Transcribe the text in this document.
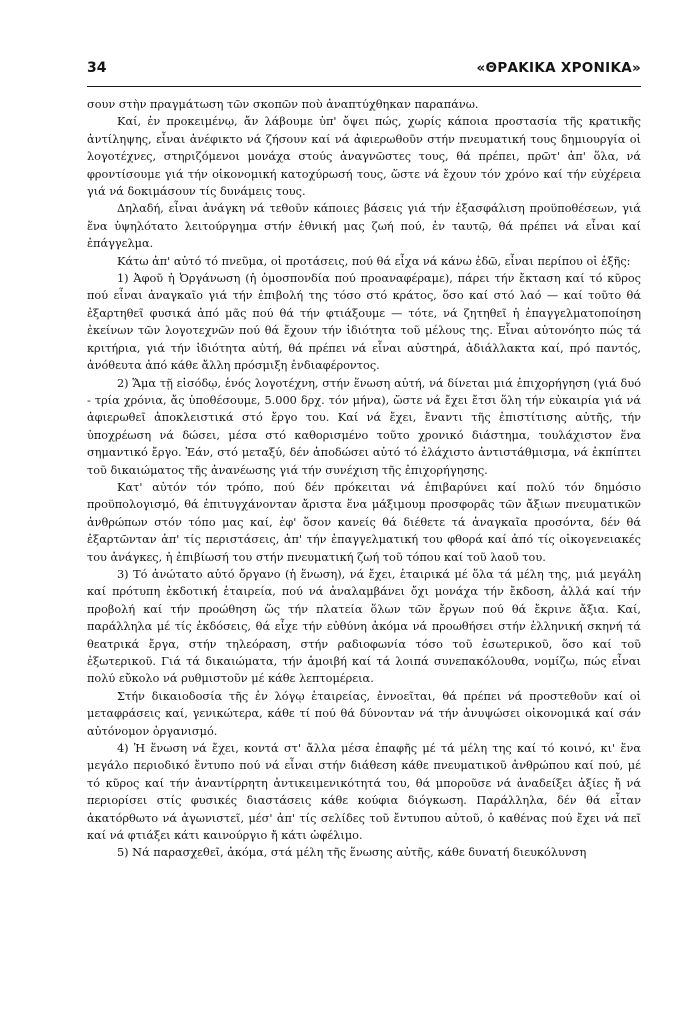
34	«ΘΡΑΚΙΚΑ ΧΡΟΝΙΚΑ»

σουν στὴν πραγμάτωση τῶν σκοπῶν ποὺ ἀναπτύχθηκαν παραπάνω.

Καί, ἐν προκειμένῳ, ἄν λάβουμε ὑπ' ὄψει πώς, χωρίς κάποια προστασία τῆς κρατικῆς ἀντίληψης, εἶναι ἀνέφικτο νά ζήσουν καί νά ἀφιερωθοῦν στήν πνευματική τους δημιουργία οἱ λογοτέχνες, στηριζόμενοι μονάχα στούς ἀναγνῶστες τους, θά πρέπει, πρῶτ' ἀπ' ὅλα, νά φροντίσουμε γιά τήν οἰκονομική κατοχύρωσή τους, ὥστε νά ἔχουν τόν χρόνο καί τήν εὐχέρεια γιά νά δοκιμάσουν τίς δυνάμεις τους.

Δηλαδή, εἶναι ἀνάγκη νά τεθοῦν κάποιες βάσεις γιά τήν ἐξασφάλιση προϋποθέσεων, γιά ἕνα ὑψηλότατο λειτούργημα στήν ἐθνική μας ζωή πού, ἐν ταυτῷ, θά πρέπει νά εἶναι καί ἐπάγγελμα.

Κάτω ἀπ' αὐτό τό πνεῦμα, οἱ προτάσεις, πού θά εἶχα νά κάνω ἐδῶ, εἶναι περίπου οἱ ἑξῆς:

1) Ἀφοῦ ἡ Ὀργάνωση (ἡ ὁμοσπονδία πού προαναφέραμε), πάρει τήν ἔκταση καί τό κῦρος πού εἶναι ἀναγκαῖο γιά τήν ἐπιβολή της τόσο στό κράτος, ὅσο καί στό λαό — καί τοῦτο θά ἐξαρτηθεῖ φυσικά ἀπό μᾶς πού θά τήν φτιάξουμε — τότε, νά ζητηθεῖ ἡ ἐπαγγελματοποίηση ἐκείνων τῶν λογοτεχνῶν πού θά ἔχουν τήν ἰδιότητα τοῦ μέλους της. Εἶναι αὐτονόητο πώς τά κριτήρια, γιά τήν ἰδιότητα αὐτή, θά πρέπει νά εἶναι αὐστηρά, ἀδιάλλακτα καί, πρό παντός, ἀνόθευτα ἀπό κάθε ἄλλη πρόσμιξη ἐνδιαφέροντος.

2) Ἅμα τῇ εἰσόδῳ, ἑνός λογοτέχνη, στήν ἕνωση αὐτή, νά δίνεται μιά ἐπιχορήγηση (γιά δυό - τρία χρόνια, ἄς ὑποθέσουμε, 5.000 δρχ. τόν μήνα), ὥστε νά ἔχει ἔτσι ὅλη τήν εὐκαιρία γιά νά ἀφιερωθεῖ ἀποκλειστικά στό ἔργο του. Καί νά ἔχει, ἔναντι τῆς ἐπιστίτισης αὐτῆς, τήν ὑποχρέωση νά δώσει, μέσα στό καθορισμένο τοῦτο χρονικό διάστημα, τουλάχιστον ἕνα σημαντικό ἔργο. Ἐάν, στό μεταξύ, δέν ἀποδώσει αὐτό τό ἐλάχιστο ἀντιστάθμισμα, νά ἐκπίπτει τοῦ δικαιώματος τῆς ἀνανέωσης γιά τήν συνέχιση τῆς ἐπιχορήγησης.

Κατ' αὐτόν τόν τρόπο, πού δέν πρόκειται νά ἐπιβαρύνει καί πολύ τόν δημόσιο προϋπολογισμό, θά ἐπιτυγχάνονταν ἄριστα ἕνα μάξιμουμ προσφορᾶς τῶν ἄξιων πνευματικῶν ἀνθρώπων στόν τόπο μας καί, ἐφ' ὅσον κανείς θά διέθετε τά ἀναγκαῖα προσόντα, δέν θά ἐξαρτῶνταν ἀπ' τίς περιστάσεις, ἀπ' τήν ἐπαγγελματική του φθορά καί ἀπό τίς οἰκογενειακές του ἀνάγκες, ἡ ἐπιβίωσή του στήν πνευματική ζωή τοῦ τόπου καί τοῦ λαοῦ του.

3) Τό ἀνώτατο αὐτό ὄργανο (ἡ ἕνωση), νά ἔχει, ἑταιρικά μέ ὅλα τά μέλη της, μιά μεγάλη καί πρότυπη ἐκδοτική ἑταιρεία, πού νά ἀναλαμβάνει ὄχι μονάχα τήν ἔκδοση, ἀλλά καί τήν προβολή καί τήν προώθηση ὥς τήν πλατεία ὅλων τῶν ἔργων πού θά ἔκρινε ἄξια. Καί, παράλληλα μέ τίς ἐκδόσεις, θά εἶχε τήν εὐθύνη ἀκόμα νά προωθήσει στήν ἑλληνική σκηνή τά θεατρικά ἔργα, στήν τηλεόραση, στήν ραδιοφωνία τόσο τοῦ ἐσωτερικοῦ, ὅσο καί τοῦ ἐξωτερικοῦ. Γιά τά δικαιώματα, τήν ἀμοιβή καί τά λοιπά συνεπακόλουθα, νομίζω, πώς εἶναι πολύ εὔκολο νά ρυθμιστοῦν μέ κάθε λεπτομέρεια.

Στήν δικαιοδοσία τῆς ἐν λόγῳ ἑταιρείας, ἐννοεῖται, θά πρέπει νά προστεθοῦν καί οἱ μεταφράσεις καί, γενικώτερα, κάθε τί πού θά δύνονταν νά τήν ἀνυψώσει οἰκονομικά καί σάν αὐτόνομον ὀργανισμό.

4) Ἡ ἕνωση νά ἔχει, κοντά στ' ἄλλα μέσα ἐπαφῆς μέ τά μέλη της καί τό κοινό, κι' ἕνα μεγάλο περιοδικό ἔντυπο πού νά εἶναι στήν διάθεση κάθε πνευματικοῦ ἀνθρώπου καί πού, μέ τό κῦρος καί τήν ἀναντίρρητη ἀντικειμενικότητά του, θά μποροῦσε νά ἀναδείξει ἀξίες ἤ νά περιορίσει στίς φυσικές διαστάσεις κάθε κούφια διόγκωση. Παράλληλα, δέν θά εἶταν ἀκατόρθωτο νά ἀγωνιστεῖ, μέσ' ἀπ' τίς σελίδες τοῦ ἔντυπου αὐτοῦ, ὁ καθένας πού ἔχει νά πεῖ καί νά φτιάξει κάτι καινούργιο ἤ κάτι ὠφέλιμο.

5) Νά παρασχεθεῖ, ἀκόμα, στά μέλη τῆς ἕνωσης αὐτῆς, κάθε δυνατή διευκόλυνση
